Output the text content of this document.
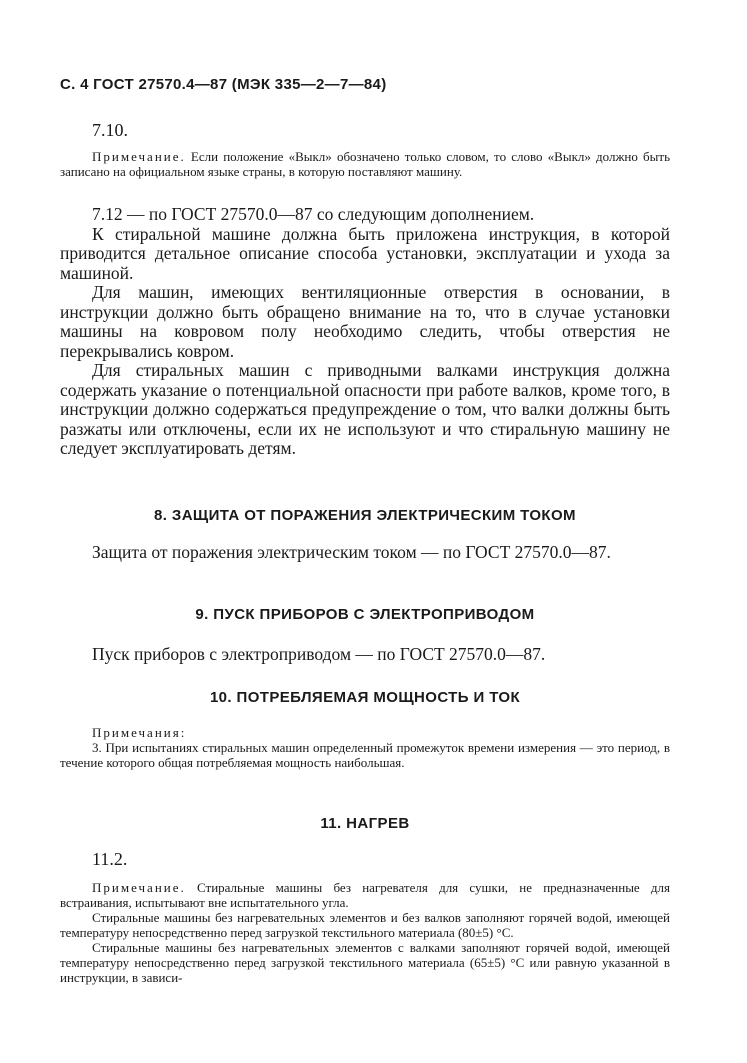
С. 4 ГОСТ 27570.4—87 (МЭК 335—2—7—84)
7.10.
Примечание. Если положение «Выкл» обозначено только словом, то слово «Выкл» должно быть записано на официальном языке страны, в которую поставляют машину.

7.12 — по ГОСТ 27570.0—87 со следующим дополнением.

К стиральной машине должна быть приложена инструкция, в которой приводится детальное описание способа установки, эксплуатации и ухода за машиной.

Для машин, имеющих вентиляционные отверстия в основании, в инструкции должно быть обращено внимание на то, что в случае установки машины на ковровом полу необходимо следить, чтобы отверстия не перекрывались ковром.

Для стиральных машин с приводными валками инструкция должна содержать указание о потенциальной опасности при работе валков, кроме того, в инструкции должно содержаться предупреждение о том, что валки должны быть разжаты или отключены, если их не используют и что стиральную машину не следует эксплуатировать детям.

8. ЗАЩИТА ОТ ПОРАЖЕНИЯ ЭЛЕКТРИЧЕСКИМ ТОКОМ

Защита от поражения электрическим током — по ГОСТ 27570.0—87.

9. ПУСК ПРИБОРОВ С ЭЛЕКТРОПРИВОДОМ

Пуск приборов с электроприводом — по ГОСТ 27570.0—87.

10. ПОТРЕБЛЯЕМАЯ МОЩНОСТЬ И ТОК

Примечания:

3. При испытаниях стиральных машин определенный промежуток времени измерения — это период, в течение которого общая потребляемая мощность наибольшая.

11. НАГРЕВ
11.2.

Примечание. Стиральные машины без нагревателя для сушки, не предназначенные для встраивания, испытывают вне испытательного угла.

Стиральные машины без нагревательных элементов и без валков заполняют горячей водой, имеющей температуру непосредственно перед загрузкой текстильного материала (80±5) °С.

Стиральные машины без нагревательных элементов с валками заполняют горячей водой, имеющей температуру непосредственно перед загрузкой текстильного материала (65±5) °С или равную указанной в инструкции, в зависи-
